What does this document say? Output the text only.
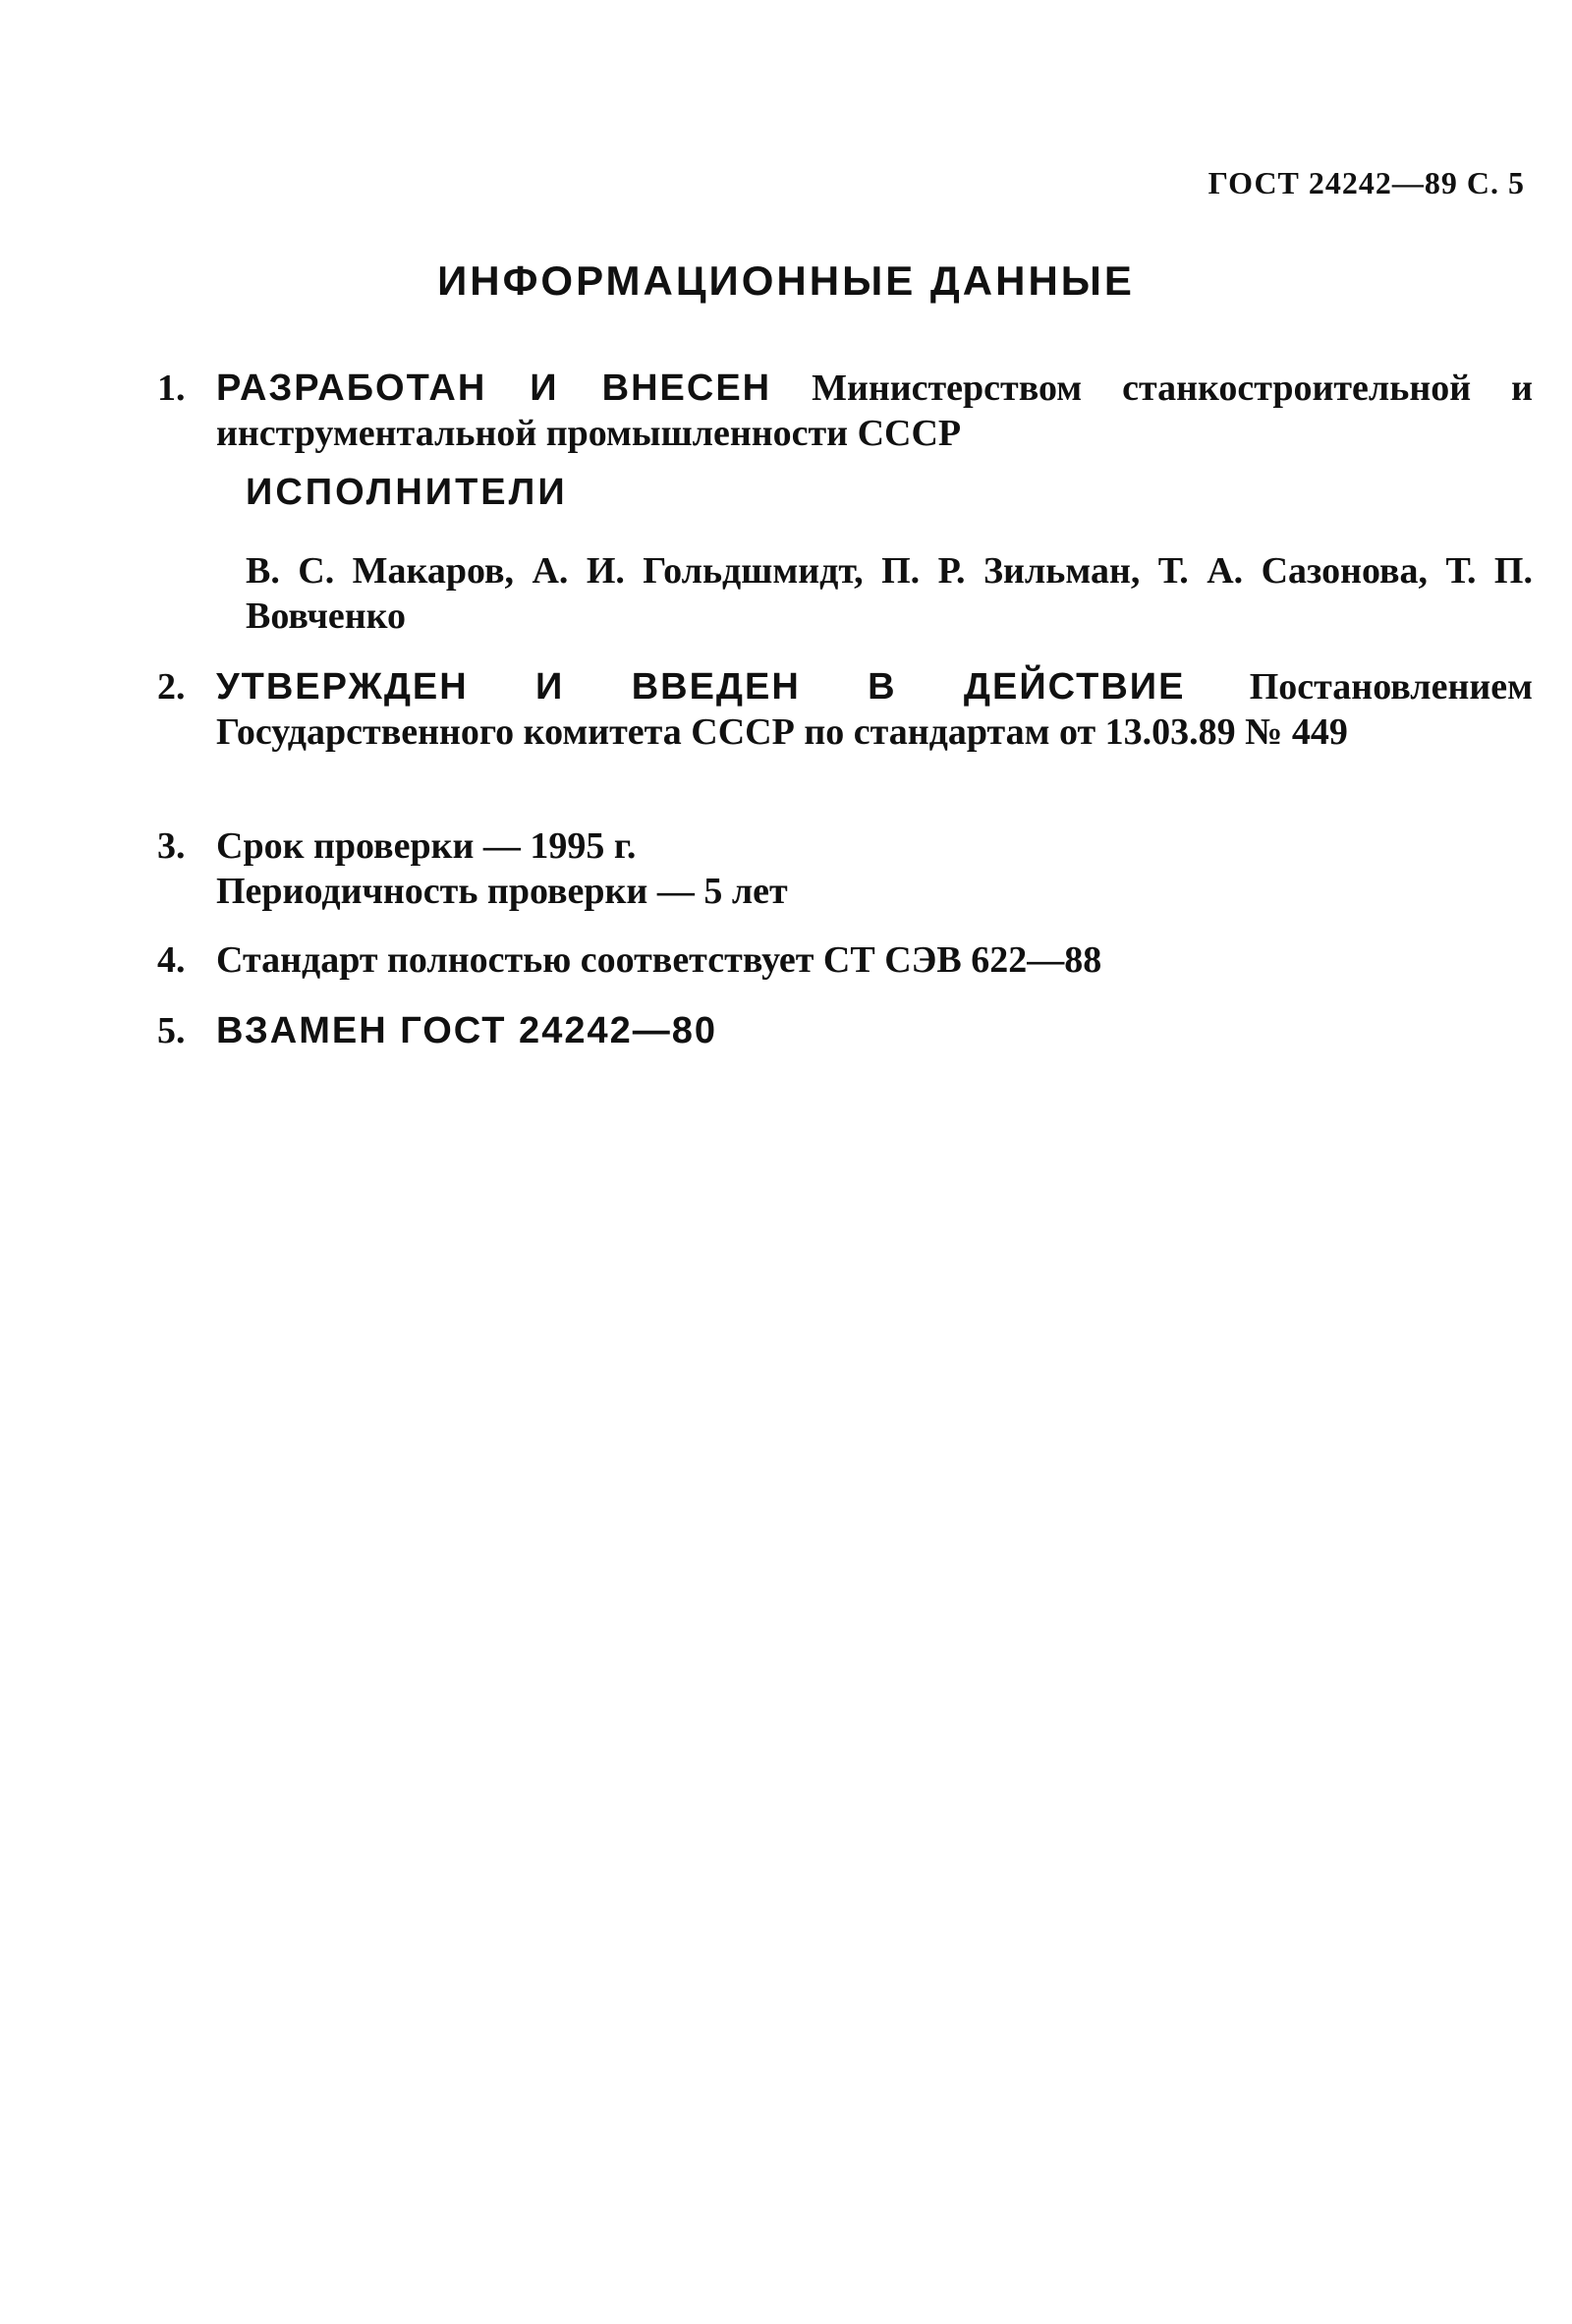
ГОСТ 24242—89 С. 5
ИНФОРМАЦИОННЫЕ ДАННЫЕ
1. РАЗРАБОТАН И ВНЕСЕН Министерством станкостроительной и инструментальной промышленности СССР
ИСПОЛНИТЕЛИ
В. С. Макаров, А. И. Гольдшмидт, П. Р. Зильман, Т. А. Сазонова, Т. П. Вовченко
2. УТВЕРЖДЕН И ВВЕДЕН В ДЕЙСТВИЕ Постановлением Государственного комитета СССР по стандартам от 13.03.89 № 449
3. Срок проверки — 1995 г.
Периодичность проверки — 5 лет
4. Стандарт полностью соответствует СТ СЭВ 622—88
5. ВЗАМЕН ГОСТ 24242—80
